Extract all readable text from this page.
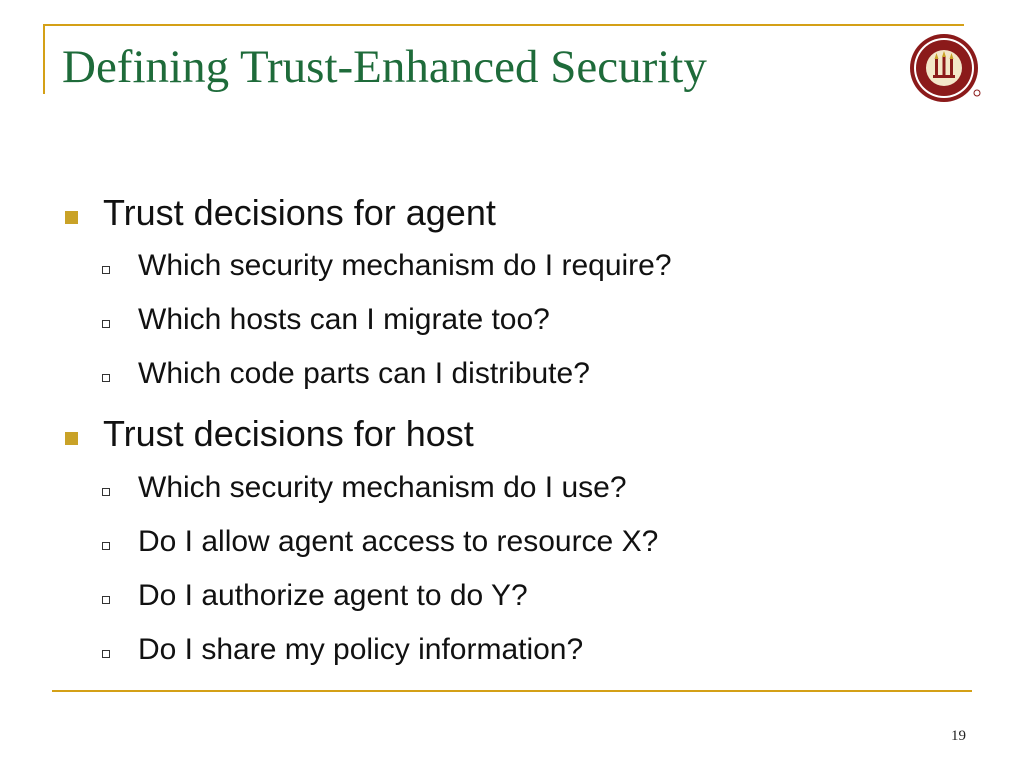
Defining Trust-Enhanced Security
Trust decisions for agent
Which security mechanism do I require?
Which hosts can I migrate too?
Which code parts can I distribute?
Trust decisions for host
Which security mechanism do I use?
Do I allow agent access to resource X?
Do I authorize agent to do Y?
Do I share my policy information?
19
